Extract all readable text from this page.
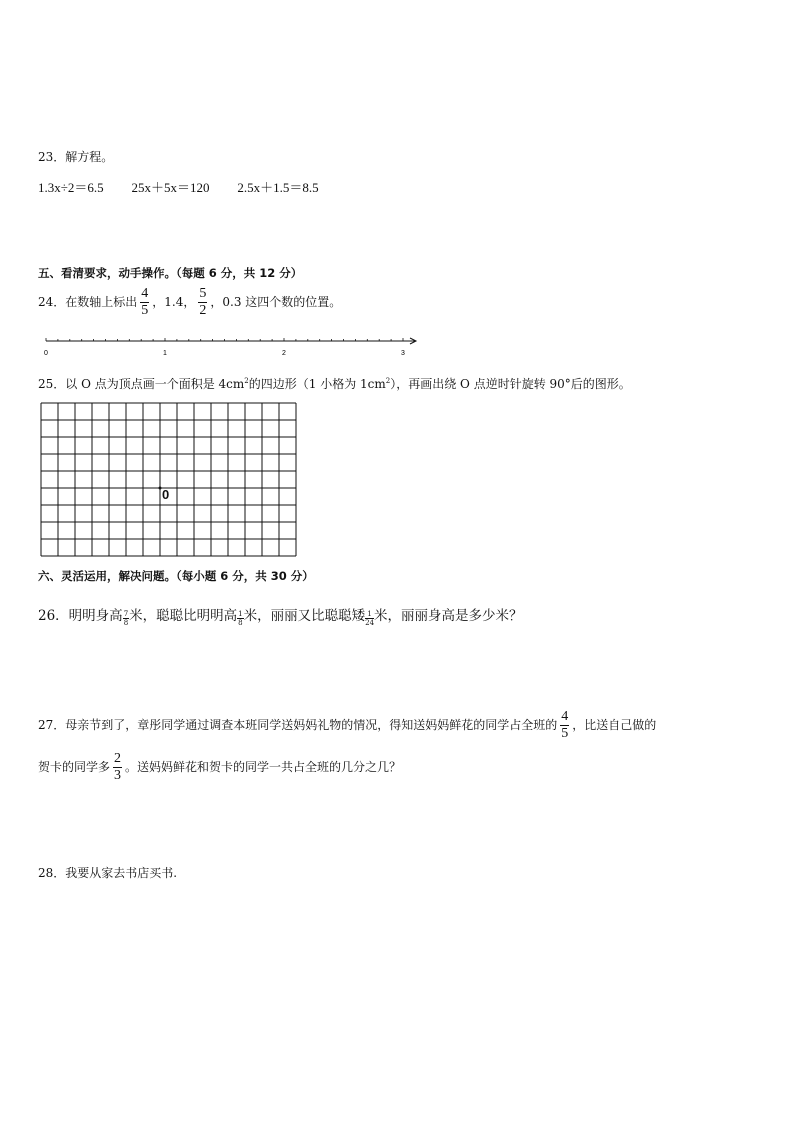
23．解方程。
1.3x÷2＝6.5 25x＋5x＝120 2.5x＋1.5＝8.5
五、看清要求，动手操作。（每题 6 分，共 12 分）
24．在数轴上标出 $\frac{4}{5}$ ，1.4， $\frac{5}{2}$ ，0.3 这四个数的位置。
0	1	2	3
25．以 O 点为顶点画一个面积是 $4cm^2$的四边形（1 小格为 $1cm^2$），再画出绕 O 点逆时针旋转 90°后的图形。
0
六、灵活运用，解决问题。（每小题 6 分，共 30 分）
26．明明身高 $\frac{7}{8}$ 米，聪聪比明明高 $\frac{1}{8}$ 米，丽丽又比聪聪矮 $\frac{1}{24}$ 米，丽丽身高是多少米？
27．母亲节到了，章彤同学通过调查本班同学送妈妈礼物的情况，得知送妈妈鲜花的同学占全班的 $\frac{4}{5}$ ，比送自己做的
贺卡的同学多 $\frac{2}{3}$ 。送妈妈鲜花和贺卡的同学一共占全班的几分之几？
28．我要从家去书店买书.
